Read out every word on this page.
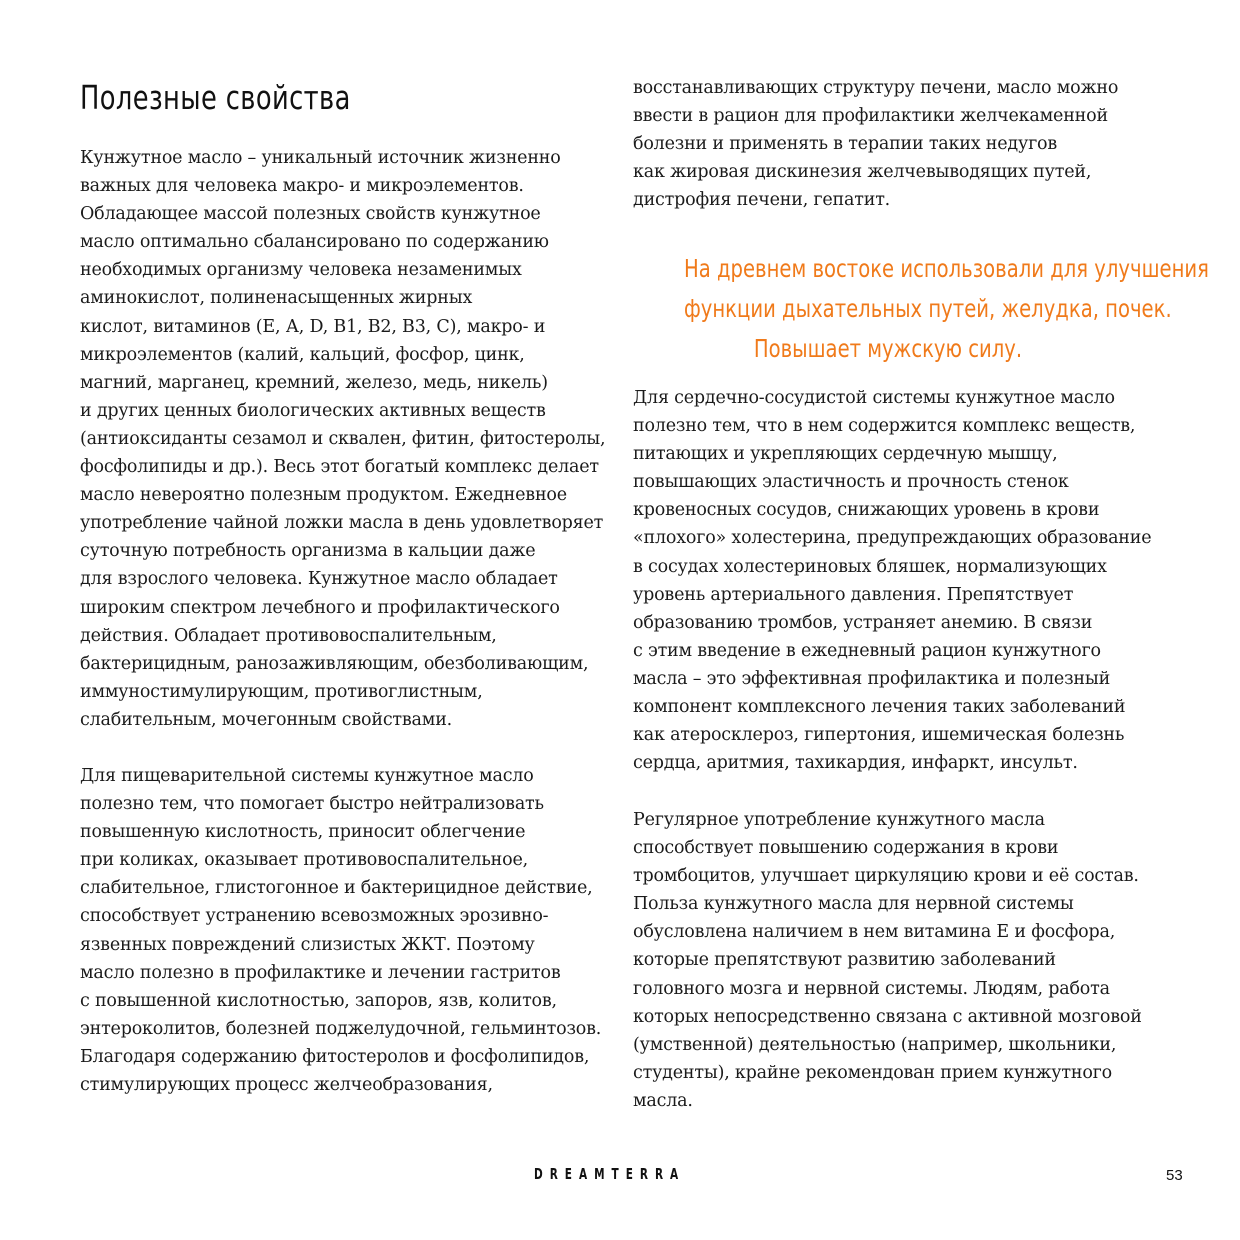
Полезные свойства
Кунжутное масло – уникальный источник жизненно
важных для человека макро- и микроэлементов.
Обладающее массой полезных свойств кунжутное
масло оптимально сбалансировано по содержанию
необходимых организму человека незаменимых
аминокислот, полиненасыщенных жирных
кислот, витаминов (Е, А, D, В1, В2, В3, С), макро- и
микроэлементов (калий, кальций, фосфор, цинк,
магний, марганец, кремний, железо, медь, никель)
и других ценных биологических активных веществ
(антиоксиданты сезамол и сквален, фитин, фитостеролы,
фосфолипиды и др.). Весь этот богатый комплекс делает
масло невероятно полезным продуктом. Ежедневное
употребление чайной ложки масла в день удовлетворяет
суточную потребность организма в кальции даже
для взрослого человека. Кунжутное масло обладает
широким спектром лечебного и профилактического
действия. Обладает противовоспалительным,
бактерицидным, ранозаживляющим, обезболивающим,
иммуностимулирующим, противоглистным,
слабительным, мочегонным свойствами.
Для пищеварительной системы кунжутное масло
полезно тем, что помогает быстро нейтрализовать
повышенную кислотность, приносит облегчение
при коликах, оказывает противовоспалительное,
слабительное, глистогонное и бактерицидное действие,
способствует устранению всевозможных эрозивно-
язвенных повреждений слизистых ЖКТ. Поэтому
масло полезно в профилактике и лечении гастритов
с повышенной кислотностью, запоров, язв, колитов,
энтероколитов, болезней поджелудочной, гельминтозов.
Благодаря содержанию фитостеролов и фосфолипидов,
стимулирующих процесс желчеобразования,
восстанавливающих структуру печени, масло можно
ввести в рацион для профилактики желчекаменной
болезни и применять в терапии таких недугов
как жировая дискинезия желчевыводящих путей,
дистрофия печени, гепатит.
На древнем востоке использовали для улучшения
функции дыхательных путей, желудка, почек.
Повышает мужскую силу.
Для сердечно-сосудистой системы кунжутное масло
полезно тем, что в нем содержится комплекс веществ,
питающих и укрепляющих сердечную мышцу,
повышающих эластичность и прочность стенок
кровеносных сосудов, снижающих уровень в крови
«плохого» холестерина, предупреждающих образование
в сосудах холестериновых бляшек, нормализующих
уровень артериального давления. Препятствует
образованию тромбов, устраняет анемию. В связи
с этим введение в ежедневный рацион кунжутного
масла – это эффективная профилактика и полезный
компонент комплексного лечения таких заболеваний
как атеросклероз, гипертония, ишемическая болезнь
сердца, аритмия, тахикардия, инфаркт, инсульт.
Регулярное употребление кунжутного масла
способствует повышению содержания в крови
тромбоцитов, улучшает циркуляцию крови и её состав.
Польза кунжутного масла для нервной системы
обусловлена наличием в нем витамина Е и фосфора,
которые препятствуют развитию заболеваний
головного мозга и нервной системы. Людям, работа
которых непосредственно связана с активной мозговой
(умственной) деятельностью (например, школьники,
студенты), крайне рекомендован прием кунжутного
масла.
DREAMTERRA	53
